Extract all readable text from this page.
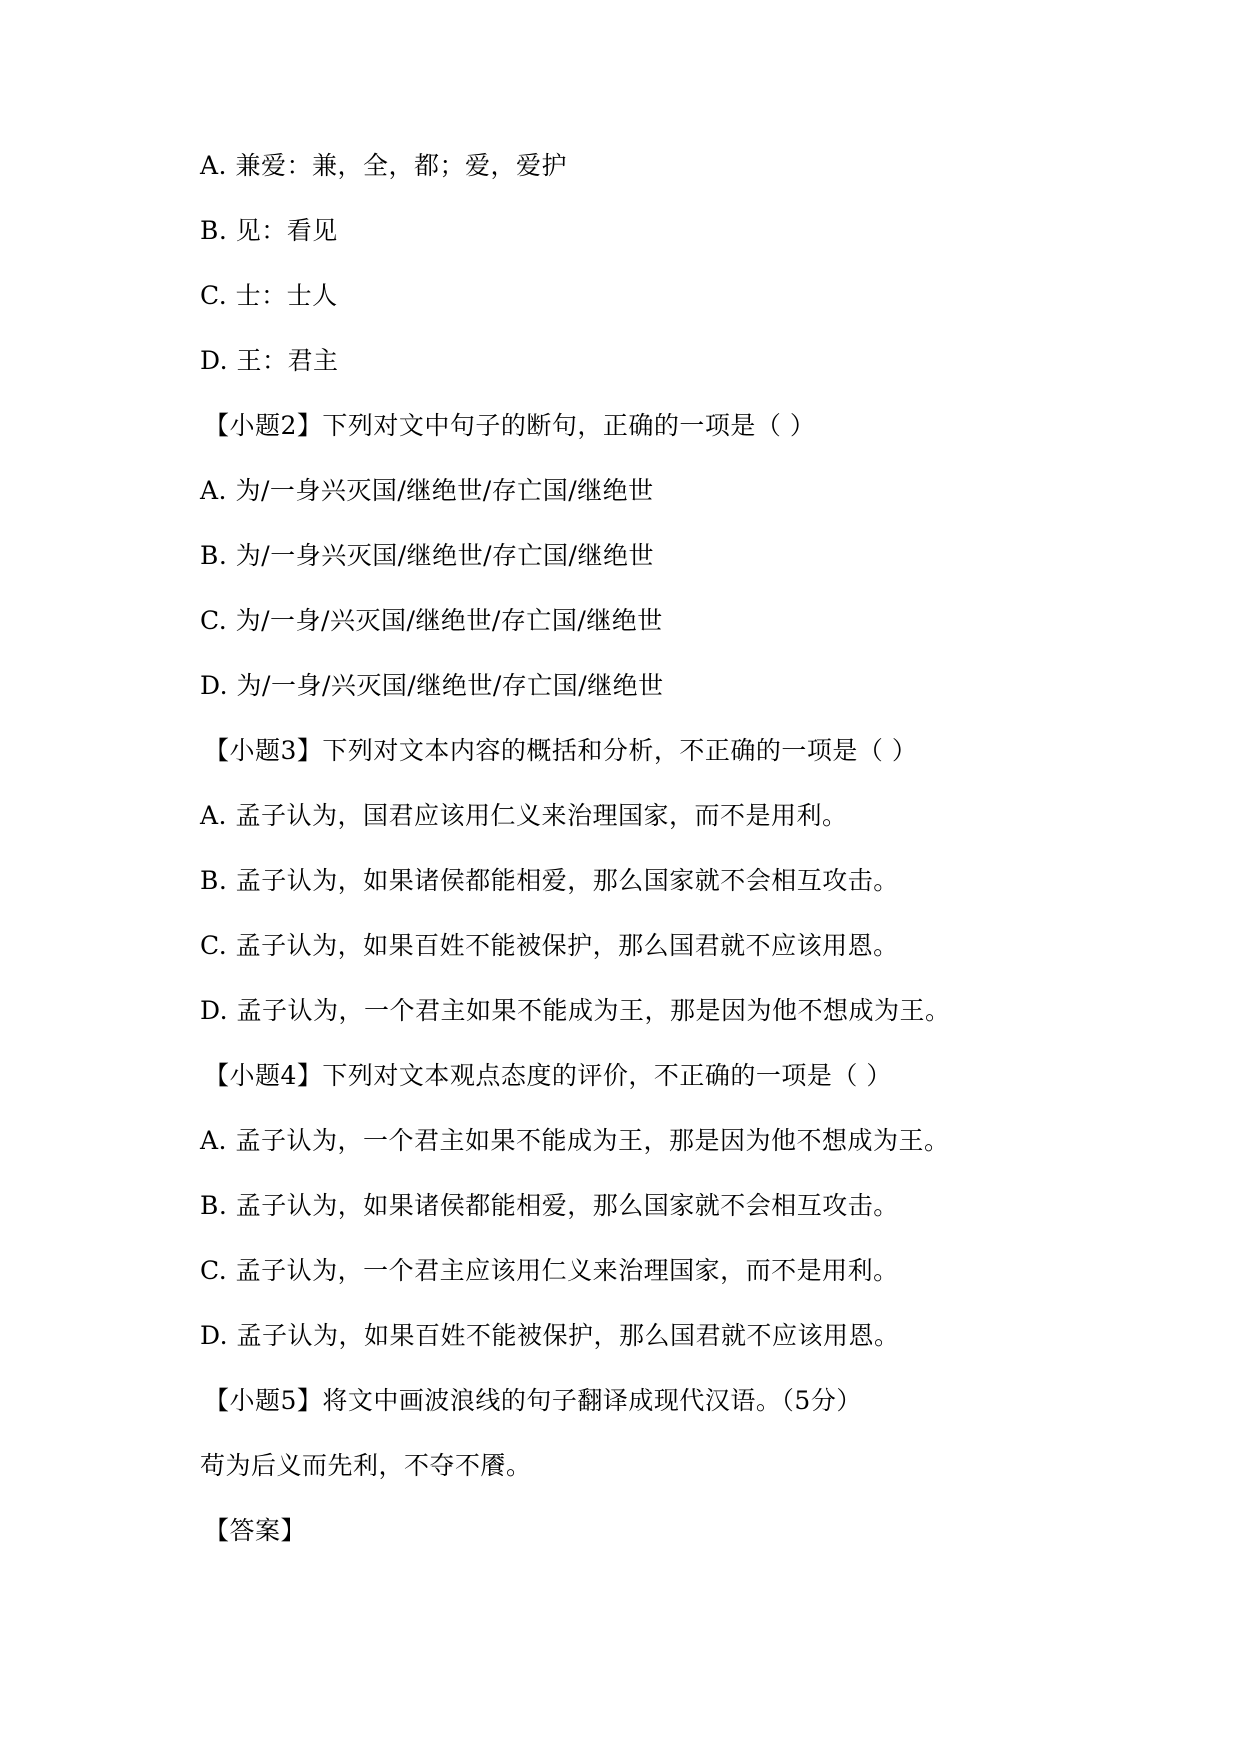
A. 兼爱：兼，全，都；爱，爱护
B. 见：看见
C. 士：士人
D. 王：君主
【小题2】下列对文中句子的断句，正确的一项是（ ）
A. 为/一身兴灭国/继绝世/存亡国/继绝世
B. 为/一身兴灭国/继绝世/存亡国/继绝世
C. 为/一身/兴灭国/继绝世/存亡国/继绝世
D. 为/一身/兴灭国/继绝世/存亡国/继绝世
【小题3】下列对文本内容的概括和分析，不正确的一项是（ ）
A. 孟子认为，国君应该用仁义来治理国家，而不是用利。
B. 孟子认为，如果诸侯都能相爱，那么国家就不会相互攻击。
C. 孟子认为，如果百姓不能被保护，那么国君就不应该用恩。
D. 孟子认为，一个君主如果不能成为王，那是因为他不想成为王。
【小题4】下列对文本观点态度的评价，不正确的一项是（ ）
A. 孟子认为，一个君主如果不能成为王，那是因为他不想成为王。
B. 孟子认为，如果诸侯都能相爱，那么国家就不会相互攻击。
C. 孟子认为，一个君主应该用仁义来治理国家，而不是用利。
D. 孟子认为，如果百姓不能被保护，那么国君就不应该用恩。
【小题5】将文中画波浪线的句子翻译成现代汉语。（5分）
苟为后义而先利，不夺不餍。
【答案】
